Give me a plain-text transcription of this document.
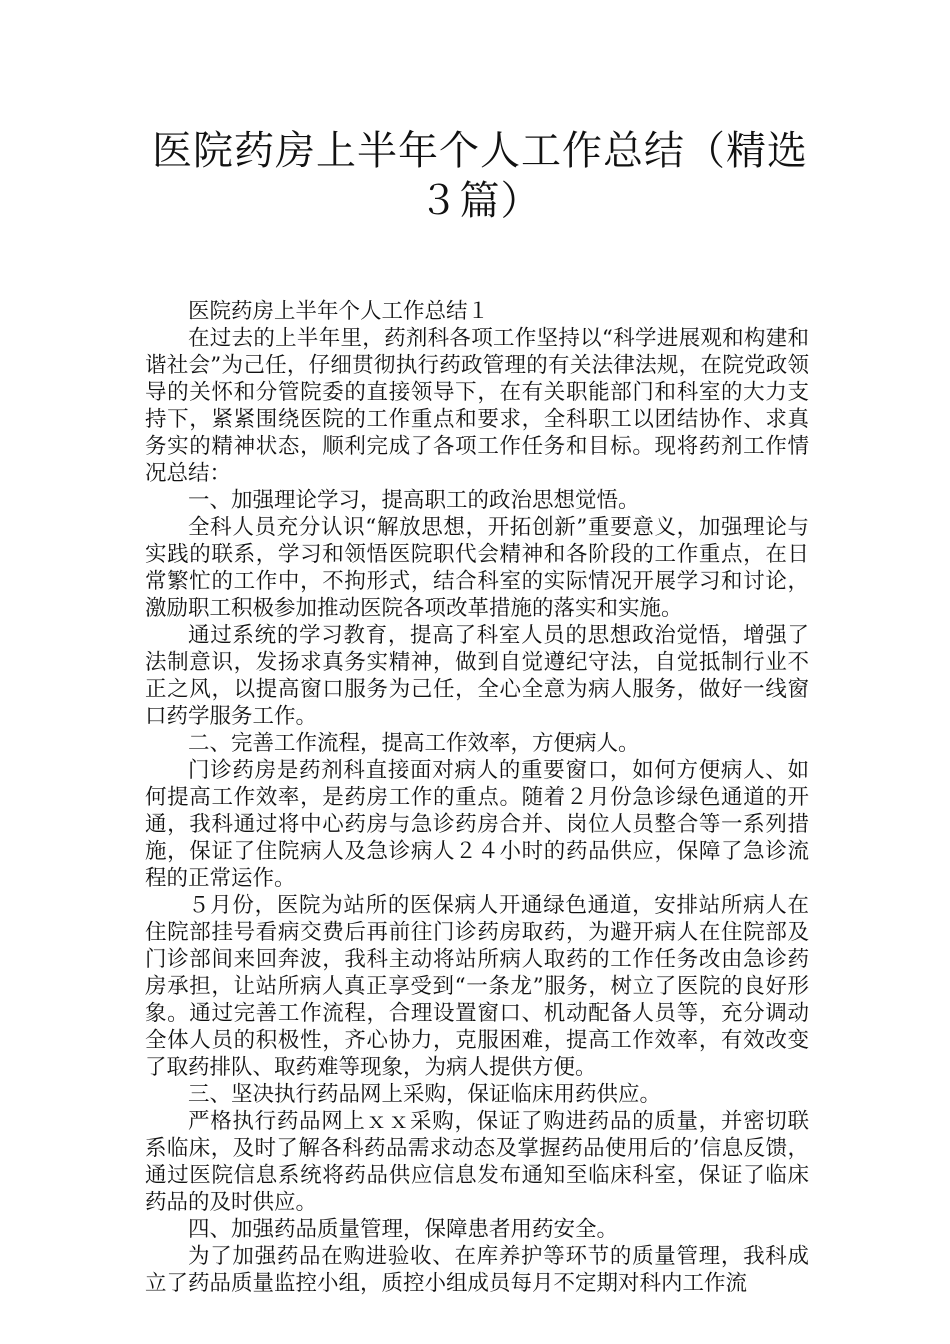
医院药房上半年个人工作总结（精选３篇）

医院药房上半年个人工作总结１

在过去的上半年里，药剂科各项工作坚持以“科学进展观和构建和谐社会”为己任，仔细贯彻执行药政管理的有关法律法规，在院党政领导的关怀和分管院委的直接领导下，在有关职能部门和科室的大力支持下，紧紧围绕医院的工作重点和要求，全科职工以团结协作、求真务实的精神状态，顺利完成了各项工作任务和目标。现将药剂工作情况总结：

一、加强理论学习，提高职工的政治思想觉悟。

全科人员充分认识“解放思想，开拓创新”重要意义，加强理论与实践的联系，学习和领悟医院职代会精神和各阶段的工作重点，在日常繁忙的工作中，不拘形式，结合科室的实际情况开展学习和讨论，激励职工积极参加推动医院各项改革措施的落实和实施。

通过系统的学习教育，提高了科室人员的思想政治觉悟，增强了法制意识，发扬求真务实精神，做到自觉遵纪守法，自觉抵制行业不正之风，以提高窗口服务为己任，全心全意为病人服务，做好一线窗口药学服务工作。

二、完善工作流程，提高工作效率，方便病人。

门诊药房是药剂科直接面对病人的重要窗口，如何方便病人、如何提高工作效率，是药房工作的重点。随着２月份急诊绿色通道的开通，我科通过将中心药房与急诊药房合并、岗位人员整合等一系列措施，保证了住院病人及急诊病人２４小时的药品供应，保障了急诊流程的正常运作。

５月份，医院为站所的医保病人开通绿色通道，安排站所病人在住院部挂号看病交费后再前往门诊药房取药，为避开病人在住院部及门诊部间来回奔波，我科主动将站所病人取药的工作任务改由急诊药房承担，让站所病人真正享受到“一条龙”服务，树立了医院的良好形象。通过完善工作流程，合理设置窗口、机动配备人员等，充分调动全体人员的积极性，齐心协力，克服困难，提高工作效率，有效改变了取药排队、取药难等现象，为病人提供方便。

三、坚决执行药品网上采购，保证临床用药供应。

严格执行药品网上ｘｘ采购，保证了购进药品的质量，并密切联系临床，及时了解各科药品需求动态及掌握药品使用后的’信息反馈，通过医院信息系统将药品供应信息发布通知至临床科室，保证了临床药品的及时供应。

四、加强药品质量管理，保障患者用药安全。

为了加强药品在购进验收、在库养护等环节的质量管理，我科成立了药品质量监控小组，质控小组成员每月不定期对科内工作流
